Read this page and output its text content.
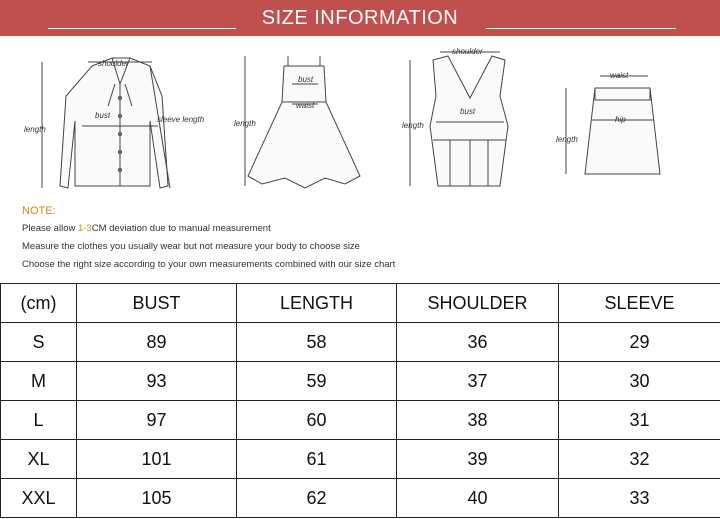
SIZE INFORMATION
shoulder
bust	sleeve length
length
bust
waist
length
shoulder
bust
length
waist
hip
length
NOTE:
Please allow 1-3CM deviation due to manual measurement
Measure the clothes you usually wear but not measure your body to choose size
Choose the right size according to your own measurements combined with our size chart
(cm)	BUST	LENGTH	SHOULDER	SLEEVE
S	89	58	36	29
M	93	59	37	30
L	97	60	38	31
XL	101	61	39	32
XXL	105	62	40	33
